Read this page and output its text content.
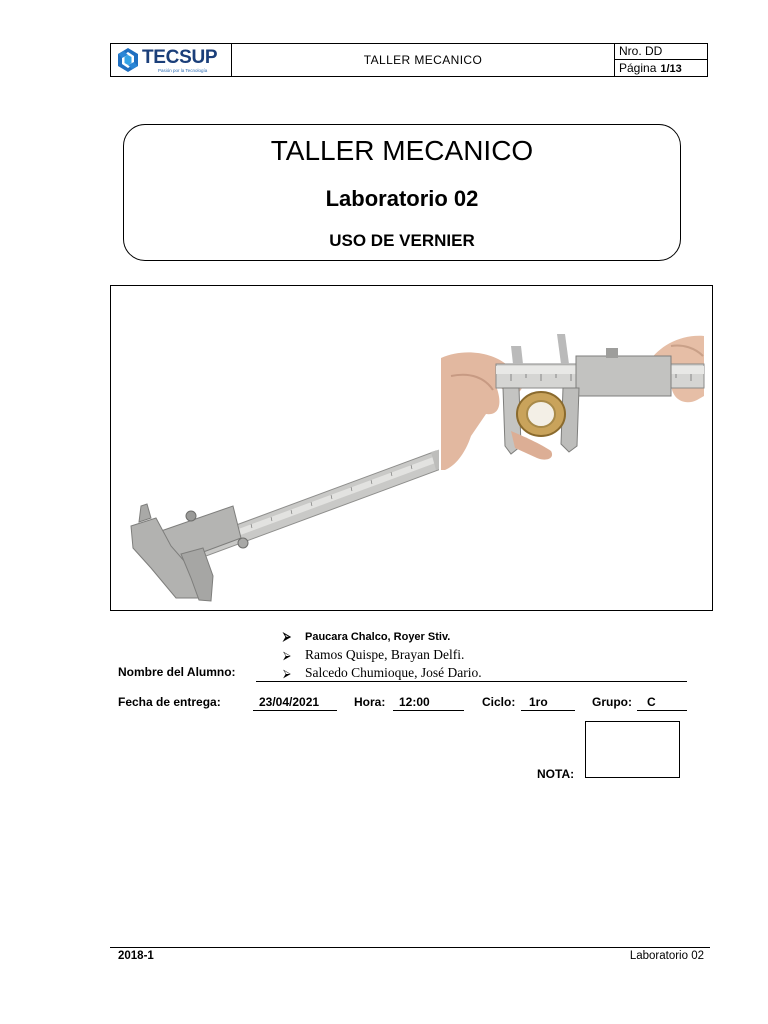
TECSUP
Pasión por la Tecnología
TALLER MECANICO
Nro. DD
Página 1/13
TALLER MECANICO
Laboratorio 02
USO DE VERNIER
⮚ Paucara Chalco, Royer Stiv.
⮚ Ramos Quispe, Brayan Delfi.
⮚ Salcedo Chumioque, José Dario.
Nombre del Alumno:
Fecha de entrega:	23/04/2021	Hora: 12:00	Ciclo: 1ro	Grupo: C
NOTA:
2018-1	Laboratorio 02
